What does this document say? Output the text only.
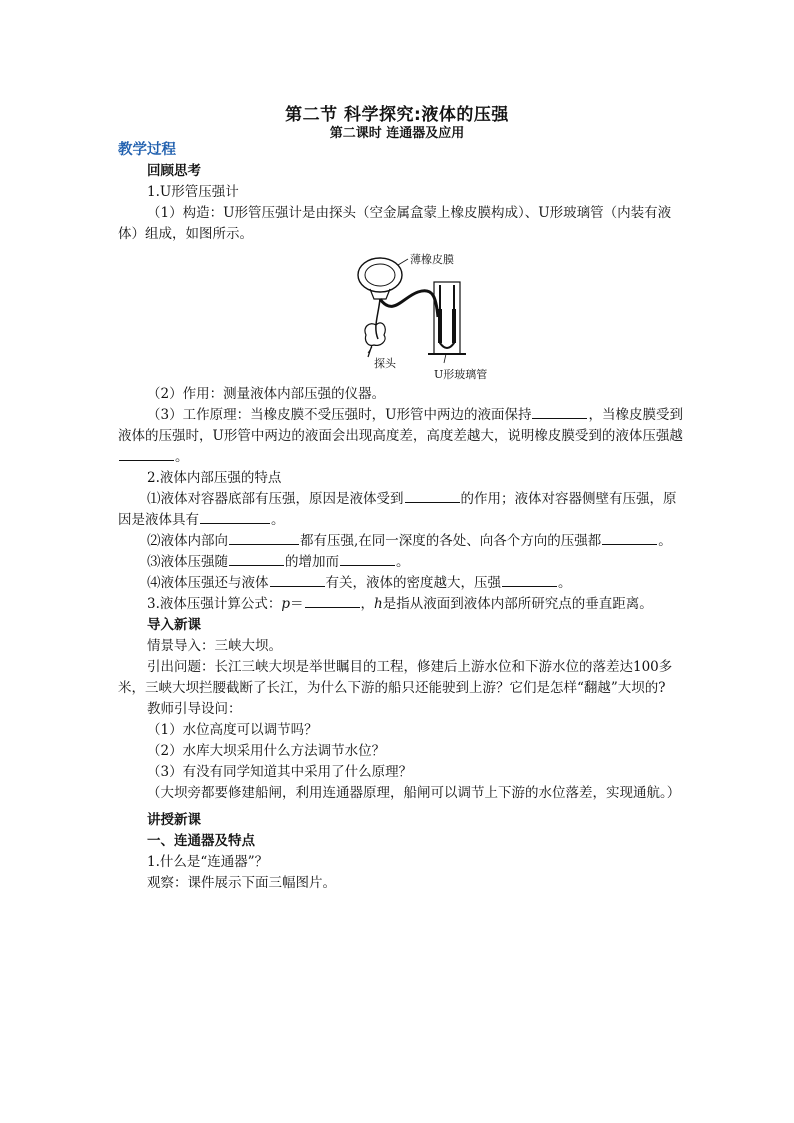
第二节 科学探究:液体的压强
第二课时 连通器及应用
教学过程
回顾思考
1.U形管压强计
（1）构造：U形管压强计是由探头（空金属盒蒙上橡皮膜构成）、U形玻璃管（内装有液体）组成，如图所示。
薄橡皮膜
探头
U形玻璃管
（2）作用：测量液体内部压强的仪器。
（3）工作原理：当橡皮膜不受压强时，U形管中两边的液面保持	，当橡皮膜受到液体的压强时，U形管中两边的液面会出现高度差，高度差越大，说明橡皮膜受到的液体压强越。
2.液体内部压强的特点
⑴液体对容器底部有压强，原因是液体受到	的作用；液体对容器侧壁有压强，原因是液体具有	。
⑵液体内部向	都有压强,在同一深度的各处、向各个方向的压强都	。
⑶液体压强随	的增加而	。
⑷液体压强还与液体	有关，液体的密度越大，压强	。
3.液体压强计算公式：p＝	，h是指从液面到液体内部所研究点的垂直距离。
导入新课
情景导入：三峡大坝。
引出问题：长江三峡大坝是举世瞩目的工程，修建后上游水位和下游水位的落差达100多米，三峡大坝拦腰截断了长江，为什么下游的船只还能驶到上游？它们是怎样“翻越”大坝的?
教师引导设问：
（1）水位高度可以调节吗？
（2）水库大坝采用什么方法调节水位？
（3）有没有同学知道其中采用了什么原理？
（大坝旁都要修建船闸，利用连通器原理，船闸可以调节上下游的水位落差，实现通航。）
讲授新课
一、连通器及特点
1.什么是“连通器”？
观察：课件展示下面三幅图片。
